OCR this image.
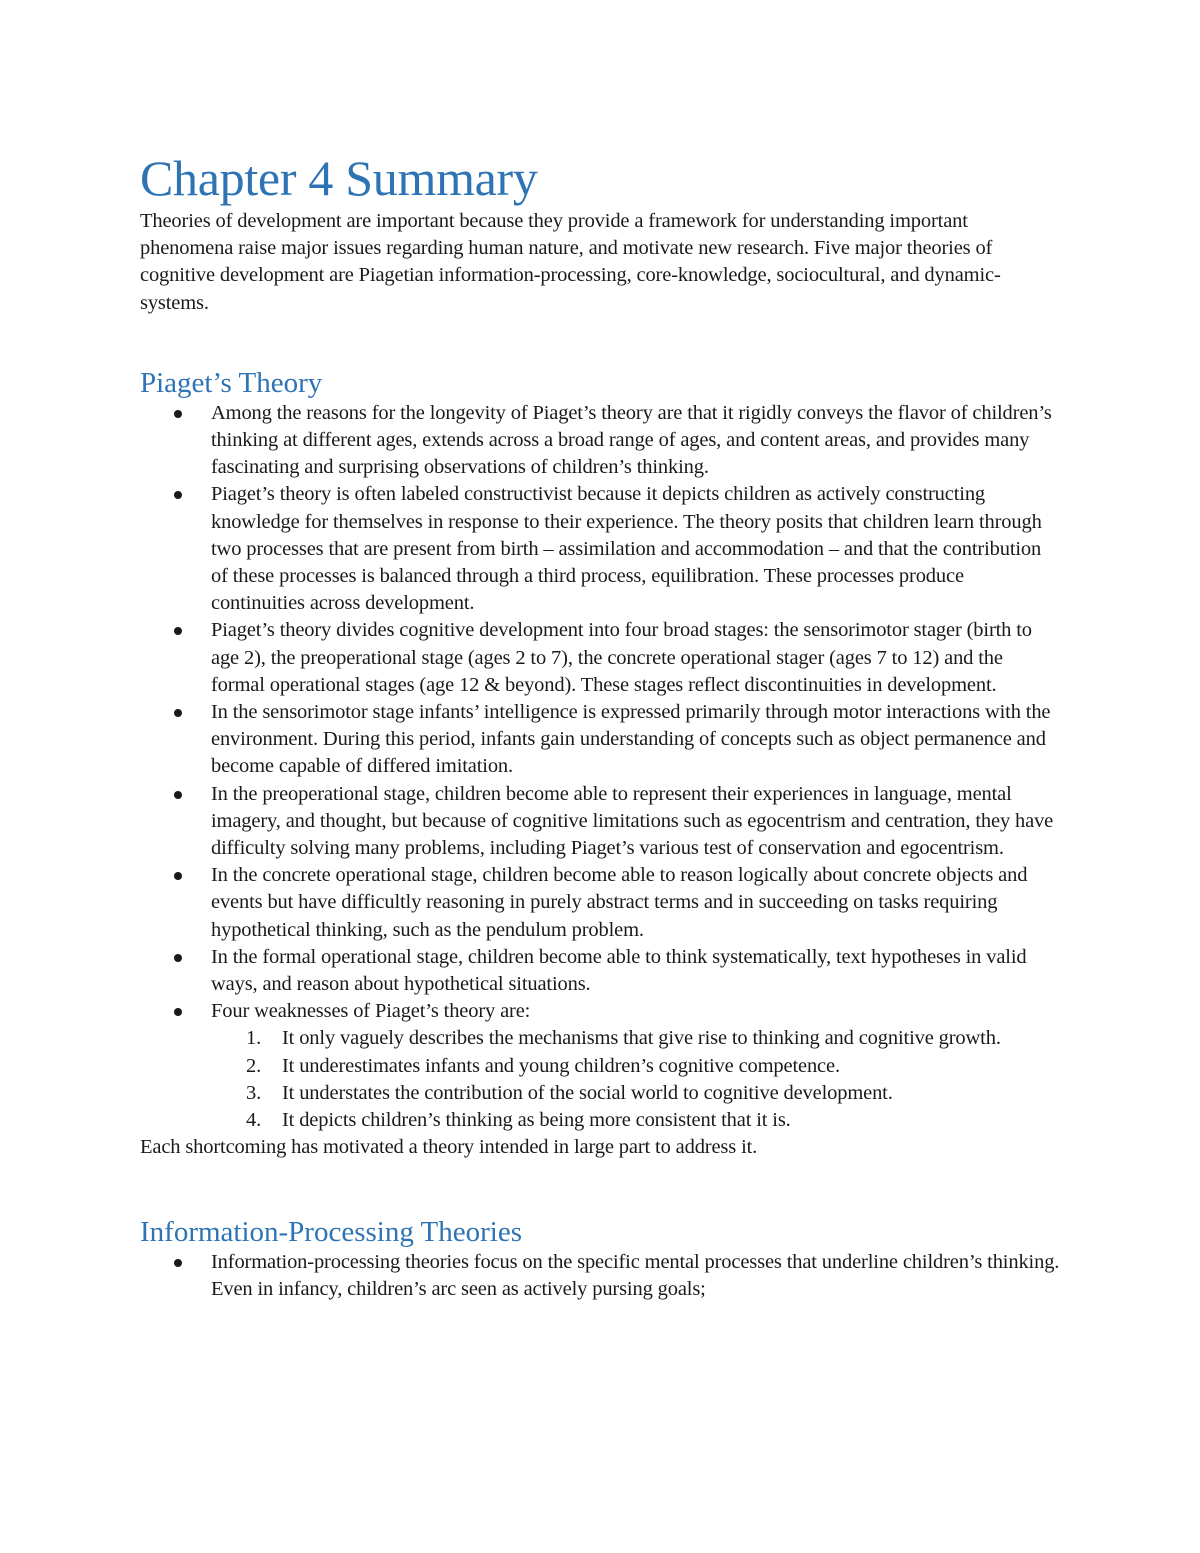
Chapter 4 Summary

Theories of development are important because they provide a framework for understanding important phenomena raise major issues regarding human nature, and motivate new research. Five major theories of cognitive development are Piagetian information-processing, core-knowledge, sociocultural, and dynamic-systems.

Piaget’s Theory
Among the reasons for the longevity of Piaget’s theory are that it rigidly conveys the flavor of children’s thinking at different ages, extends across a broad range of ages, and content areas, and provides many fascinating and surprising observations of children’s thinking.
Piaget’s theory is often labeled constructivist because it depicts children as actively constructing knowledge for themselves in response to their experience. The theory posits that children learn through two processes that are present from birth – assimilation and accommodation – and that the contribution of these processes is balanced through a third process, equilibration. These processes produce continuities across development.
Piaget’s theory divides cognitive development into four broad stages: the sensorimotor stager (birth to age 2), the preoperational stage (ages 2 to 7), the concrete operational stager (ages 7 to 12) and the formal operational stages (age 12 & beyond). These stages reflect discontinuities in development.
In the sensorimotor stage infants’ intelligence is expressed primarily through motor interactions with the environment. During this period, infants gain understanding of concepts such as object permanence and become capable of differed imitation.
In the preoperational stage, children become able to represent their experiences in language, mental imagery, and thought, but because of cognitive limitations such as egocentrism and centration, they have difficulty solving many problems, including Piaget’s various test of conservation and egocentrism.
In the concrete operational stage, children become able to reason logically about concrete objects and events but have difficultly reasoning in purely abstract terms and in succeeding on tasks requiring hypothetical thinking, such as the pendulum problem.
In the formal operational stage, children become able to think systematically, text hypotheses in valid ways, and reason about hypothetical situations.
Four weaknesses of Piaget’s theory are:
1. It only vaguely describes the mechanisms that give rise to thinking and cognitive growth.
2. It underestimates infants and young children’s cognitive competence.
3. It understates the contribution of the social world to cognitive development.
4. It depicts children’s thinking as being more consistent that it is.

Each shortcoming has motivated a theory intended in large part to address it.

Information-Processing Theories
Information-processing theories focus on the specific mental processes that underline children’s thinking. Even in infancy, children’s arc seen as actively pursing goals;
